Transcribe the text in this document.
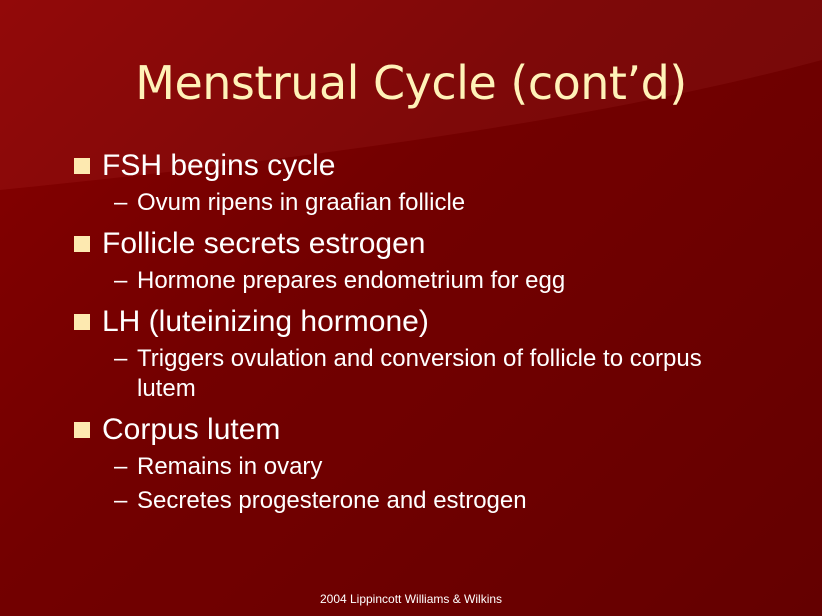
Menstrual Cycle (cont’d)
FSH begins cycle
– Ovum ripens in graafian follicle
Follicle secrets estrogen
– Hormone prepares endometrium for egg
LH (luteinizing hormone)
– Triggers ovulation and conversion of follicle to corpus lutem
Corpus lutem
– Remains in ovary
– Secretes progesterone and estrogen
2004 Lippincott Williams & Wilkins
